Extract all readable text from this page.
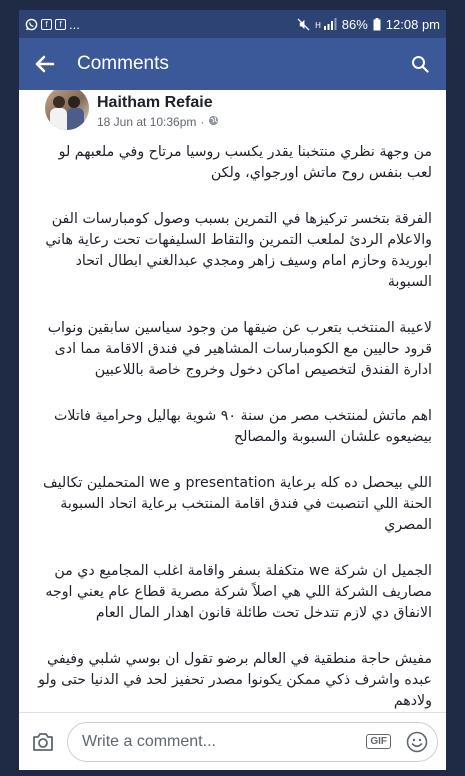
f	f ...	H 86% 12:08 pm
Comments
Haitham Refaie
18 Jun at 10:36pm ·

من وجهة نظري منتخبنا يقدر يكسب روسيا مرتاح وفي ملعبهم لو لعب بنفس روح ماتش اورجواي، ولكن

الفرقة بتخسر تركيزها في التمرين بسبب وصول كومبارسات الفن والاعلام الردئ لملعب التمرين والتقاط السليفهات تحت رعاية هاني ابوريدة وحازم امام وسيف زاهر ومجدي عبدالغني ابطال اتحاد السبوبة

لاعيبة المنتخب بتعرب عن ضيقها من وجود سياسين سابقين ونواب قرود حاليين مع الكومبارسات المشاهير في فندق الاقامة مما ادى ادارة الفندق لتخصيص اماكن دخول وخروج خاصة باللاعبين

اهم ماتش لمنتخب مصر من سنة ٩٠ شوية بهاليل وحرامية فاتلات بيضيعوه علشان السبوبة والمصالح

اللي بيحصل ده كله برعاية presentation و we المتحملين تكاليف الحنة اللي اتنصبت في فندق اقامة المنتخب برعاية اتحاد السبوبة المصري

الجميل ان شركة we متكفلة بسفر واقامة اغلب المجاميع دي من مصاريف الشركة اللي هي اصلاً شركة مصرية قطاع عام يعني اوجه الانفاق دي لازم تتدخل تحت طائلة قانون اهدار المال العام

مفيش حاجة منطقية في العالم برضو تقول ان بوسي شلبي وفيفي عبده واشرف ذكي ممكن يكونوا مصدر تحفيز لحد في الدنيا حتى ولو ولادهم

Write a comment...
GIF
